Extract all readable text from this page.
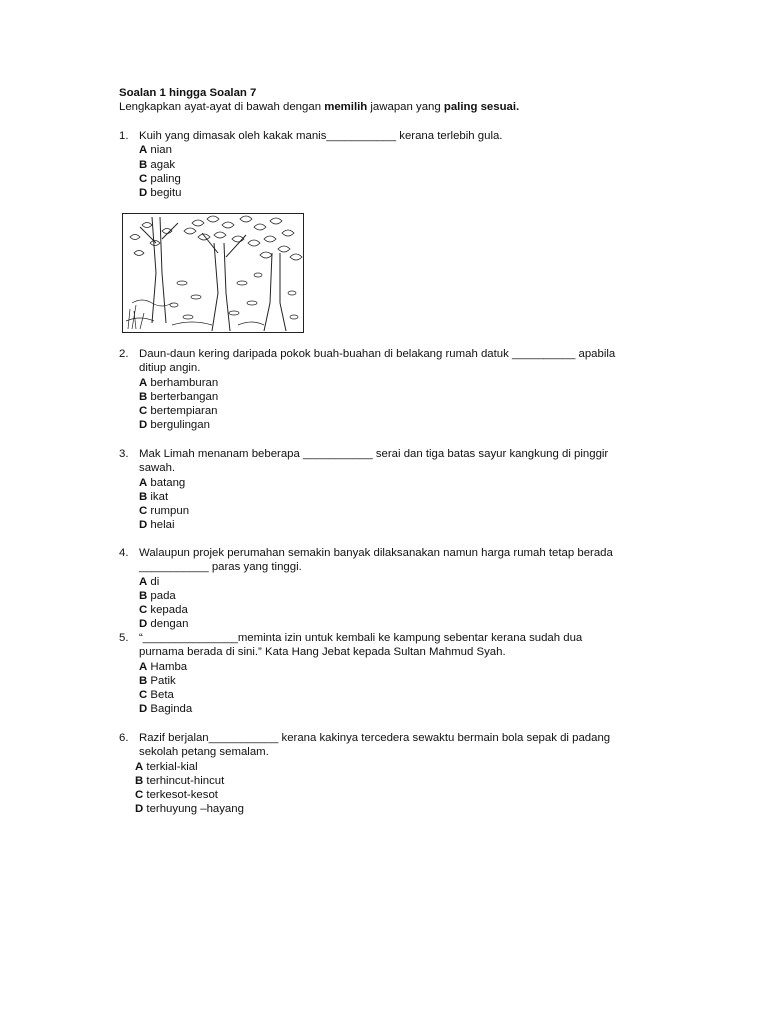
Soalan 1 hingga Soalan 7
Lengkapkan ayat-ayat di bawah dengan memilih jawapan yang paling sesuai.
1. Kuih yang dimasak oleh kakak manis___________ kerana terlebih gula.
A nian
B agak
C paling
D begitu
2. Daun-daun kering daripada pokok buah-buahan di belakang rumah datuk __________ apabila ditiup angin.
A berhamburan
B berterbangan
C bertempiaran
D bergulingan
3. Mak Limah menanam beberapa ___________ serai dan tiga batas sayur kangkung di pinggir sawah.
A batang
B ikat
C rumpun
D helai
4. Walaupun projek perumahan semakin banyak dilaksanakan namun harga rumah tetap berada ___________ paras yang tinggi.
A di
B pada
C kepada
D dengan
5. “_______________meminta izin untuk kembali ke kampung sebentar kerana sudah dua purnama berada di sini.” Kata Hang Jebat kepada Sultan Mahmud Syah.
A Hamba
B Patik
C Beta
D Baginda
6. Razif berjalan___________ kerana kakinya tercedera sewaktu bermain bola sepak di padang sekolah petang semalam.
A terkial-kial
B terhincut-hincut
C terkesot-kesot
D terhuyung –hayang
